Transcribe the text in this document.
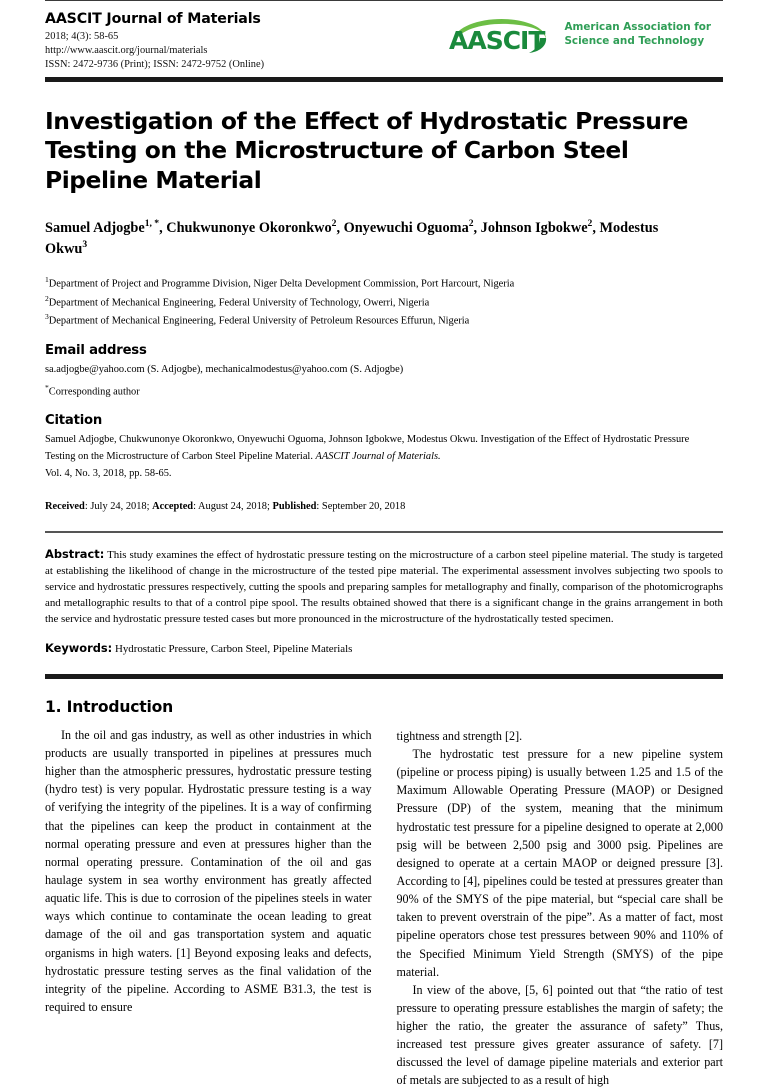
AASCIT Journal of Materials
2018; 4(3): 58-65
http://www.aascit.org/journal/materials
ISSN: 2472-9736 (Print); ISSN: 2472-9752 (Online)
AASCIT American Association for
Science and Technology
Investigation of the Effect of Hydrostatic Pressure Testing on the Microstructure of Carbon Steel Pipeline Material
Samuel Adjogbe$^{1, *}$, Chukwunonye Okoronkwo$^2$, Onyewuchi Oguoma$^2$, Johnson Igbokwe$^2$, Modestus Okwu$^3$
$^1$Department of Project and Programme Division, Niger Delta Development Commission, Port Harcourt, Nigeria
$^2$Department of Mechanical Engineering, Federal University of Technology, Owerri, Nigeria
$^3$Department of Mechanical Engineering, Federal University of Petroleum Resources Effurun, Nigeria
Email address
sa.adjogbe@yahoo.com (S. Adjogbe), mechanicalmodestus@yahoo.com (S. Adjogbe)
*Corresponding author
Citation
Samuel Adjogbe, Chukwunonye Okoronkwo, Onyewuchi Oguoma, Johnson Igbokwe, Modestus Okwu. Investigation of the Effect of Hydrostatic Pressure Testing on the Microstructure of Carbon Steel Pipeline Material. AASCIT Journal of Materials.
Vol. 4, No. 3, 2018, pp. 58-65.
Received: July 24, 2018; Accepted: August 24, 2018; Published: September 20, 2018

Abstract: This study examines the effect of hydrostatic pressure testing on the microstructure of a carbon steel pipeline material. The study is targeted at establishing the likelihood of change in the microstructure of the tested pipe material. The experimental assessment involves subjecting two spools to service and hydrostatic pressures respectively, cutting the spools and preparing samples for metallography and finally, comparison of the photomicrographs and metallographic results to that of a control pipe spool. The results obtained showed that there is a significant change in the grains arrangement in both the service and hydrostatic pressure tested cases but more pronounced in the microstructure of the hydrostatically tested specimen.

Keywords: Hydrostatic Pressure, Carbon Steel, Pipeline Materials

1. Introduction

In the oil and gas industry, as well as other industries in which products are usually transported in pipelines at pressures much higher than the atmospheric pressures, hydrostatic pressure testing (hydro test) is very popular. Hydrostatic pressure testing is a way of verifying the integrity of the pipelines. It is a way of confirming that the pipelines can keep the product in containment at the normal operating pressure and even at pressures higher than the normal operating pressure. Contamination of the oil and gas haulage system in sea worthy environment has greatly affected aquatic life. This is due to corrosion of the pipelines steels in water ways which continue to contaminate the ocean leading to great damage of the oil and gas transportation system and aquatic organisms in high waters. [1] Beyond exposing leaks and defects, hydrostatic pressure testing serves as the final validation of the integrity of the pipeline. According to ASME B31.3, the test is required to ensure

tightness and strength [2].

The hydrostatic test pressure for a new pipeline system (pipeline or process piping) is usually between 1.25 and 1.5 of the Maximum Allowable Operating Pressure (MAOP) or Designed Pressure (DP) of the system, meaning that the minimum hydrostatic test pressure for a pipeline designed to operate at 2,000 psig will be between 2,500 psig and 3000 psig. Pipelines are designed to operate at a certain MAOP or deigned pressure [3]. According to [4], pipelines could be tested at pressures greater than 90% of the SMYS of the pipe material, but “special care shall be taken to prevent overstrain of the pipe”. As a matter of fact, most pipeline operators chose test pressures between 90% and 110% of the Specified Minimum Yield Strength (SMYS) of the pipe material.

In view of the above, [5, 6] pointed out that “the ratio of test pressure to operating pressure establishes the margin of safety; the higher the ratio, the greater the assurance of safety” Thus, increased test pressure gives greater assurance of safety. [7] discussed the level of damage pipeline materials and exterior part of metals are subjected to as a result of high
